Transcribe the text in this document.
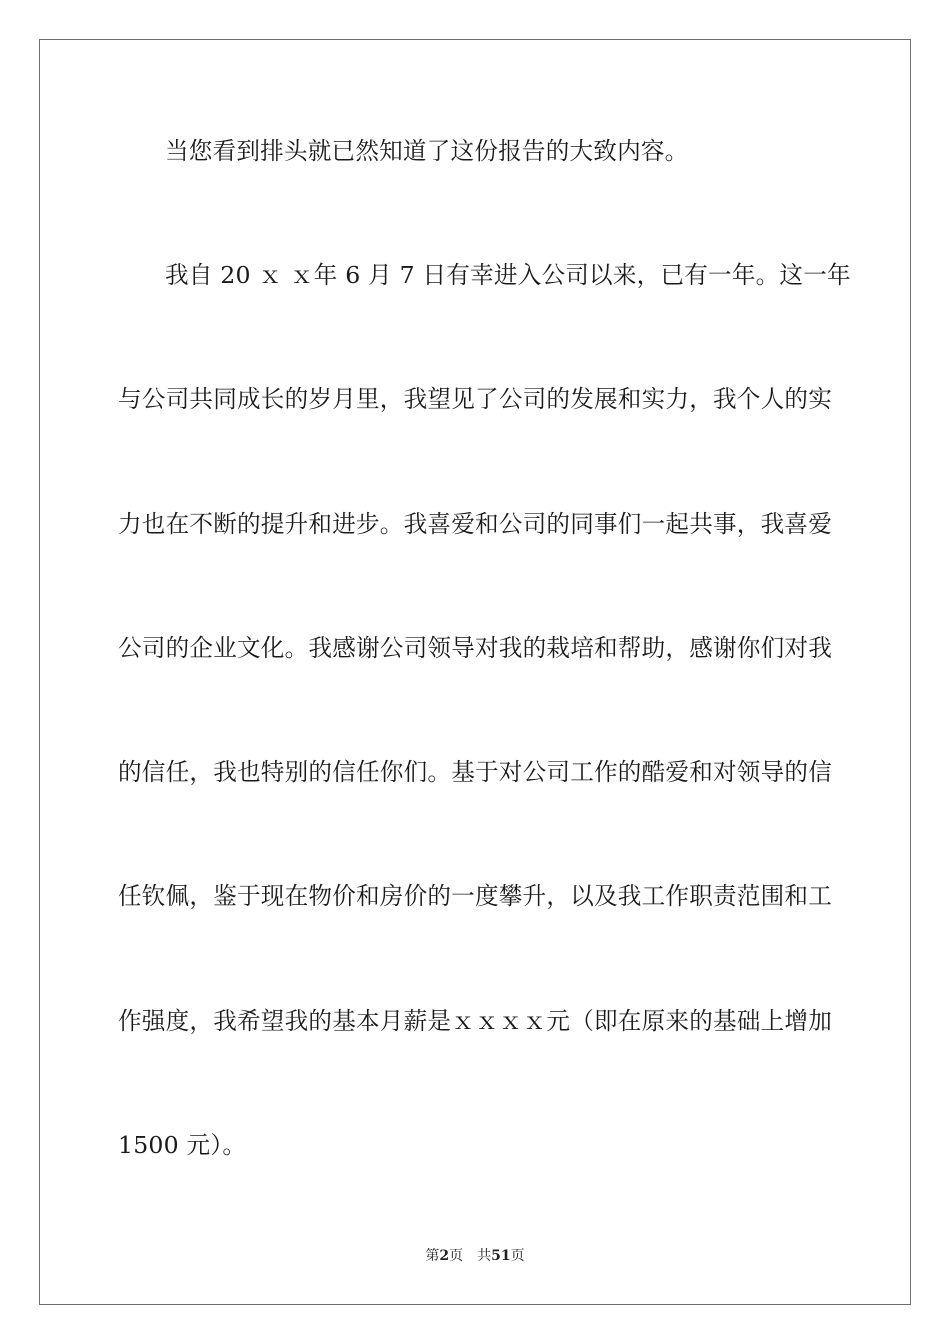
当您看到排头就已然知道了这份报告的大致内容。
我自 20 ｘ ｘ年 6 月 7 日有幸进入公司以来，已有一年。这一年
与公司共同成长的岁月里，我望见了公司的发展和实力，我个人的实
力也在不断的提升和进步。我喜爱和公司的同事们一起共事，我喜爱
公司的企业文化。我感谢公司领导对我的栽培和帮助，感谢你们对我
的信任，我也特别的信任你们。基于对公司工作的酷爱和对领导的信
任钦佩，鉴于现在物价和房价的一度攀升，以及我工作职责范围和工
作强度，我希望我的基本月薪是ｘｘｘｘ元（即在原来的基础上增加
1500 元）。
第2页 共51页
